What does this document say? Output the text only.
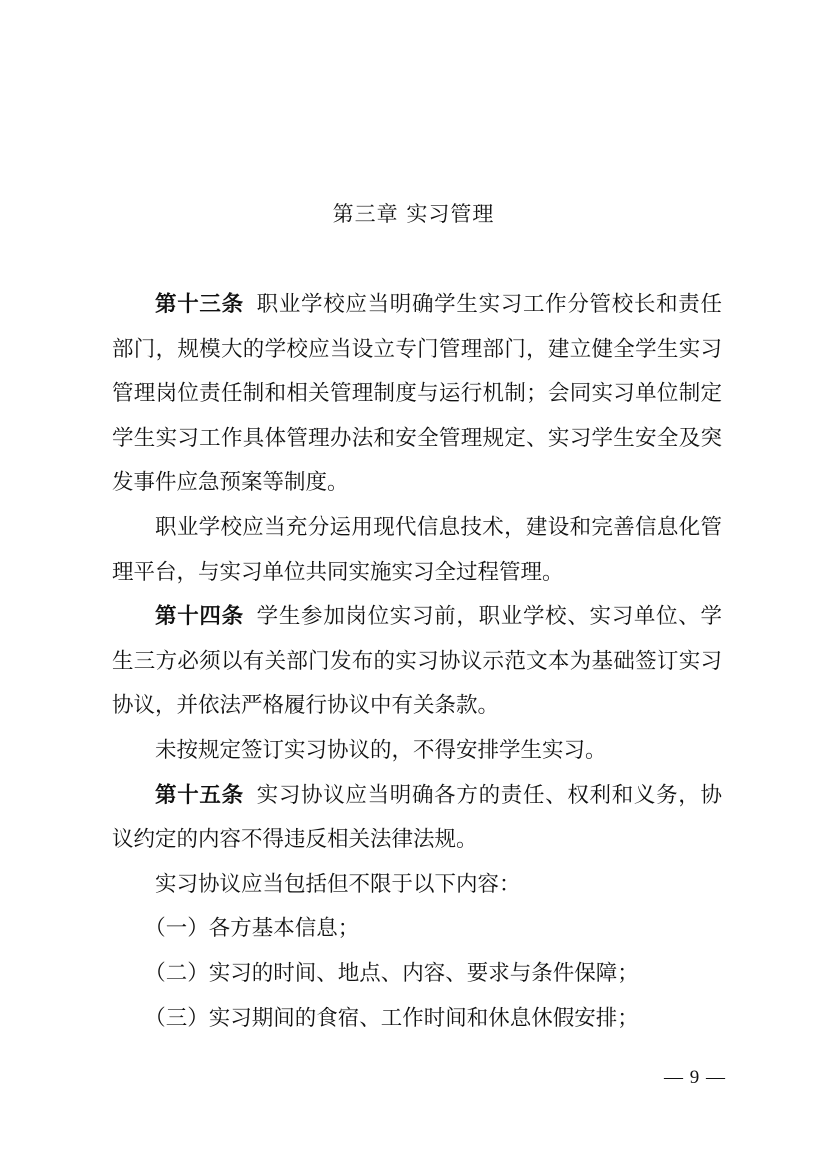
第三章 实习管理

第十三条 职业学校应当明确学生实习工作分管校长和责任部门，规模大的学校应当设立专门管理部门，建立健全学生实习管理岗位责任制和相关管理制度与运行机制；会同实习单位制定学生实习工作具体管理办法和安全管理规定、实习学生安全及突发事件应急预案等制度。

职业学校应当充分运用现代信息技术，建设和完善信息化管理平台，与实习单位共同实施实习全过程管理。

第十四条 学生参加岗位实习前，职业学校、实习单位、学生三方必须以有关部门发布的实习协议示范文本为基础签订实习协议，并依法严格履行协议中有关条款。

未按规定签订实习协议的，不得安排学生实习。

第十五条 实习协议应当明确各方的责任、权利和义务，协议约定的内容不得违反相关法律法规。

实习协议应当包括但不限于以下内容：

（一）各方基本信息；

（二）实习的时间、地点、内容、要求与条件保障；

（三）实习期间的食宿、工作时间和休息休假安排；

— 9 —
